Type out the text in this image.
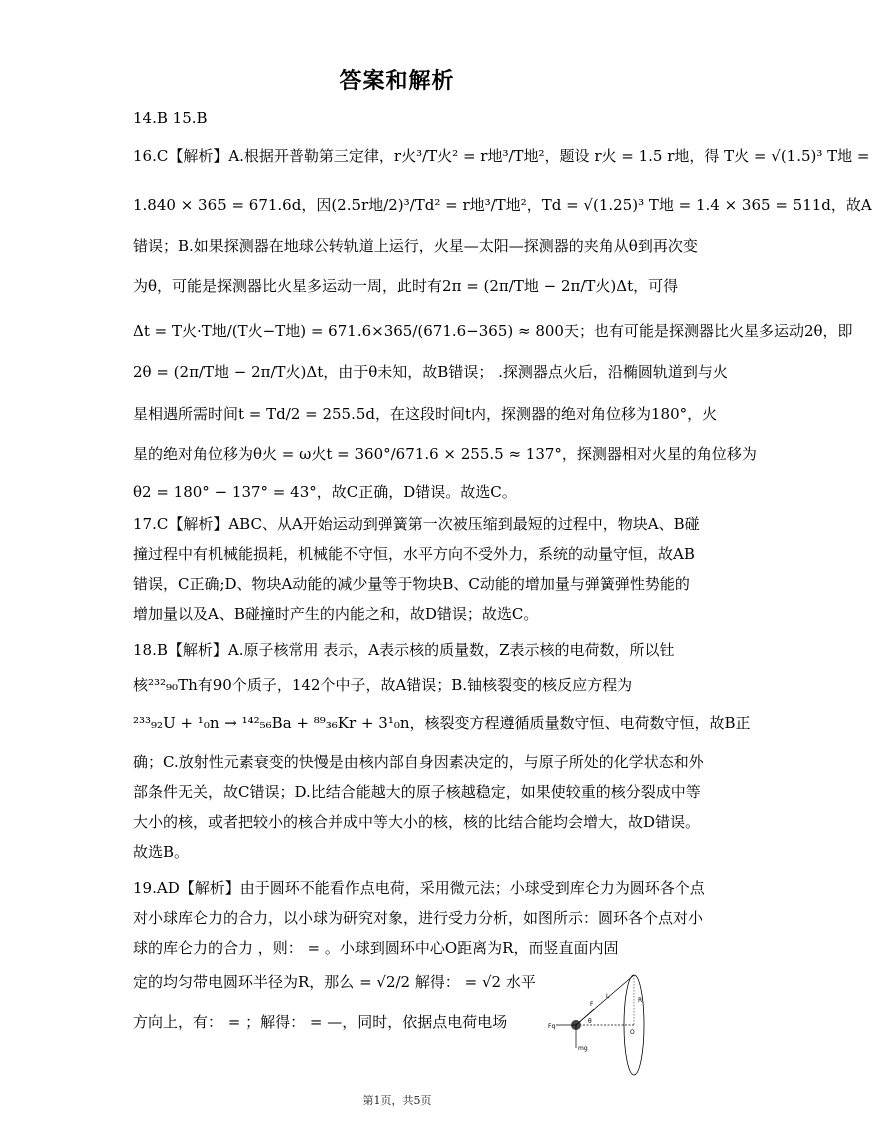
答案和解析
14.B 15.B
16.C【解析】A.根据开普勒第三定律，r火³/T火² = r地³/T地²，题设 r火 = 1.5 r地，得 T火 = √(1.5)³ T地 =
1.840 × 365 = 671.6d，因(2.5r地/2)³/Td² = r地³/T地²，Td = √(1.25)³ T地 = 1.4 × 365 = 511d，故A
错误；B.如果探测器在地球公转轨道上运行，火星—太阳—探测器的夹角从θ到再次变
为θ，可能是探测器比火星多运动一周，此时有2π = (2π/T地 − 2π/T火)Δt，可得
Δt = T火·T地/(T火−T地) = 671.6×365/(671.6−365) ≈ 800天；也有可能是探测器比火星多运动2θ，即
2θ = (2π/T地 − 2π/T火)Δt，由于θ未知，故B错误； .探测器点火后，沿椭圆轨道到与火
星相遇所需时间t = Td/2 = 255.5d，在这段时间t内，探测器的绝对角位移为180°，火
星的绝对角位移为θ火 = ω火t = 360°/671.6 × 255.5 ≈ 137°，探测器相对火星的角位移为
θ2 = 180° − 137° = 43°，故C正确，D错误。故选C。
17.C【解析】ABC、从A开始运动到弹簧第一次被压缩到最短的过程中，物块A、B碰
撞过程中有机械能损耗，机械能不守恒，水平方向不受外力，系统的动量守恒，故AB
错误，C正确;D、物块A动能的减少量等于物块B、C动能的增加量与弹簧弹性势能的
增加量以及A、B碰撞时产生的内能之和，故D错误；故选C。
18.B【解析】A.原子核常用 表示，A表示核的质量数，Z表示核的电荷数，所以钍
核²³²₉₀Th有90个质子，142个中子，故A错误；B.铀核裂变的核反应方程为
²³³₉₂U + ¹₀n → ¹⁴²₅₆Ba + ⁸⁹₃₆Kr + 3¹₀n，核裂变方程遵循质量数守恒、电荷数守恒，故B正
确；C.放射性元素衰变的快慢是由核内部自身因素决定的，与原子所处的化学状态和外
部条件无关，故C错误；D.比结合能越大的原子核越稳定，如果使较重的核分裂成中等
大小的核，或者把较小的核合并成中等大小的核，核的比结合能均会增大，故D错误。
故选B。
19.AD【解析】由于圆环不能看作点电荷，采用微元法；小球受到库仑力为圆环各个点
对小球库仑力的合力，以小球为研究对象，进行受力分析，如图所示：圆环各个点对小
球的库仑力的合力 ，则： = 。小球到圆环中心O距离为R，而竖直面内固
定的均匀带电圆环半径为R，那么 = √2/2 解得： = √2 水平
方向上，有： = ；解得： = —，同时，依据点电荷电场
L
F
θ
O
R
Fq
mg
第1页，共5页
